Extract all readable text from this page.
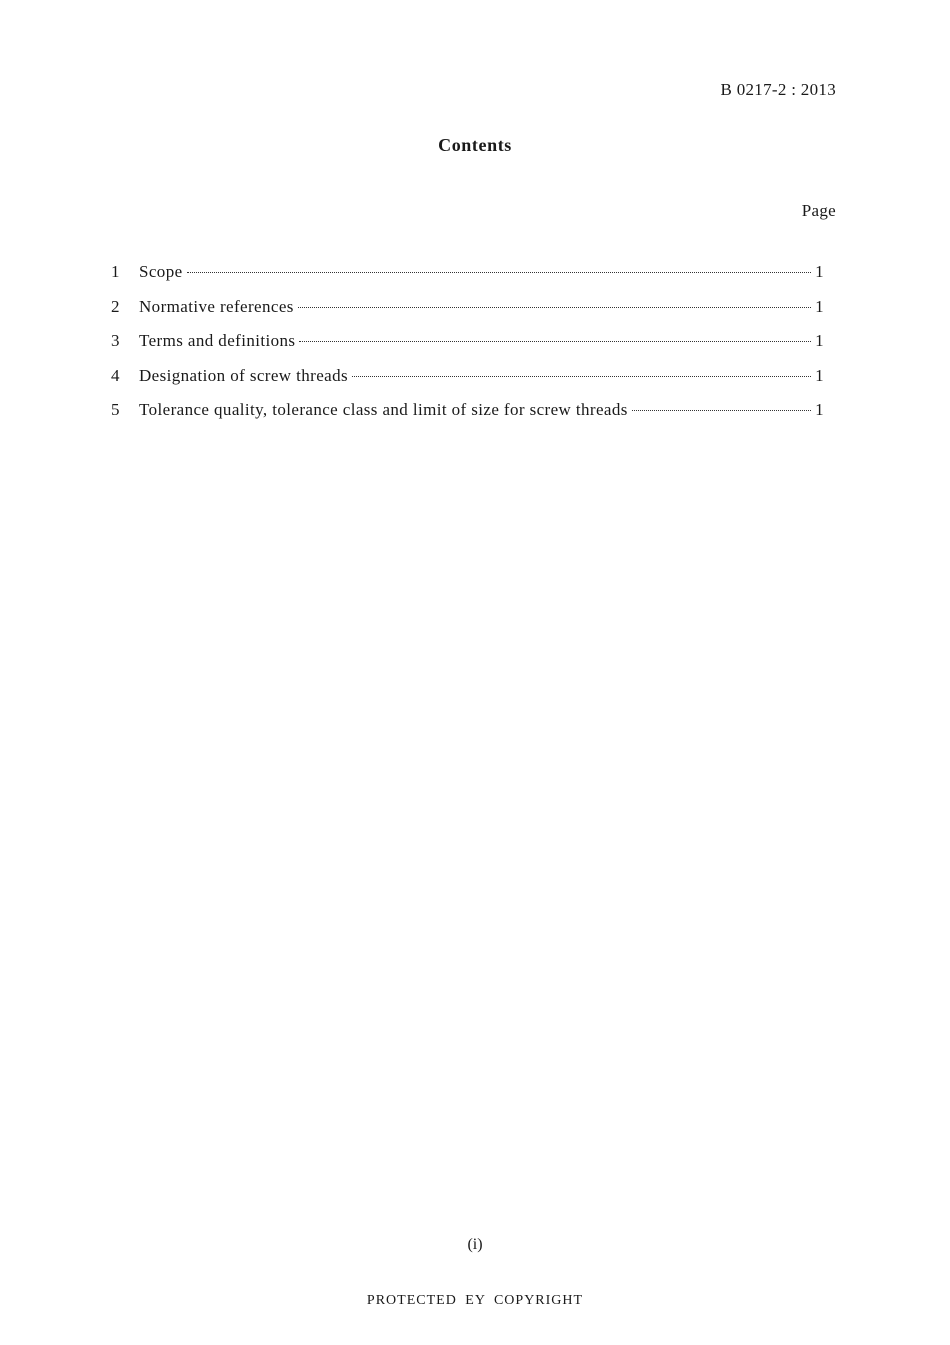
B 0217-2 : 2013
Contents
Page
1	Scope	1
2	Normative references	1
3	Terms and definitions	1
4	Designation of screw threads	1
5	Tolerance quality, tolerance class and limit of size for screw threads	1
(i)
PROTECTED EY COPYRIGHT
